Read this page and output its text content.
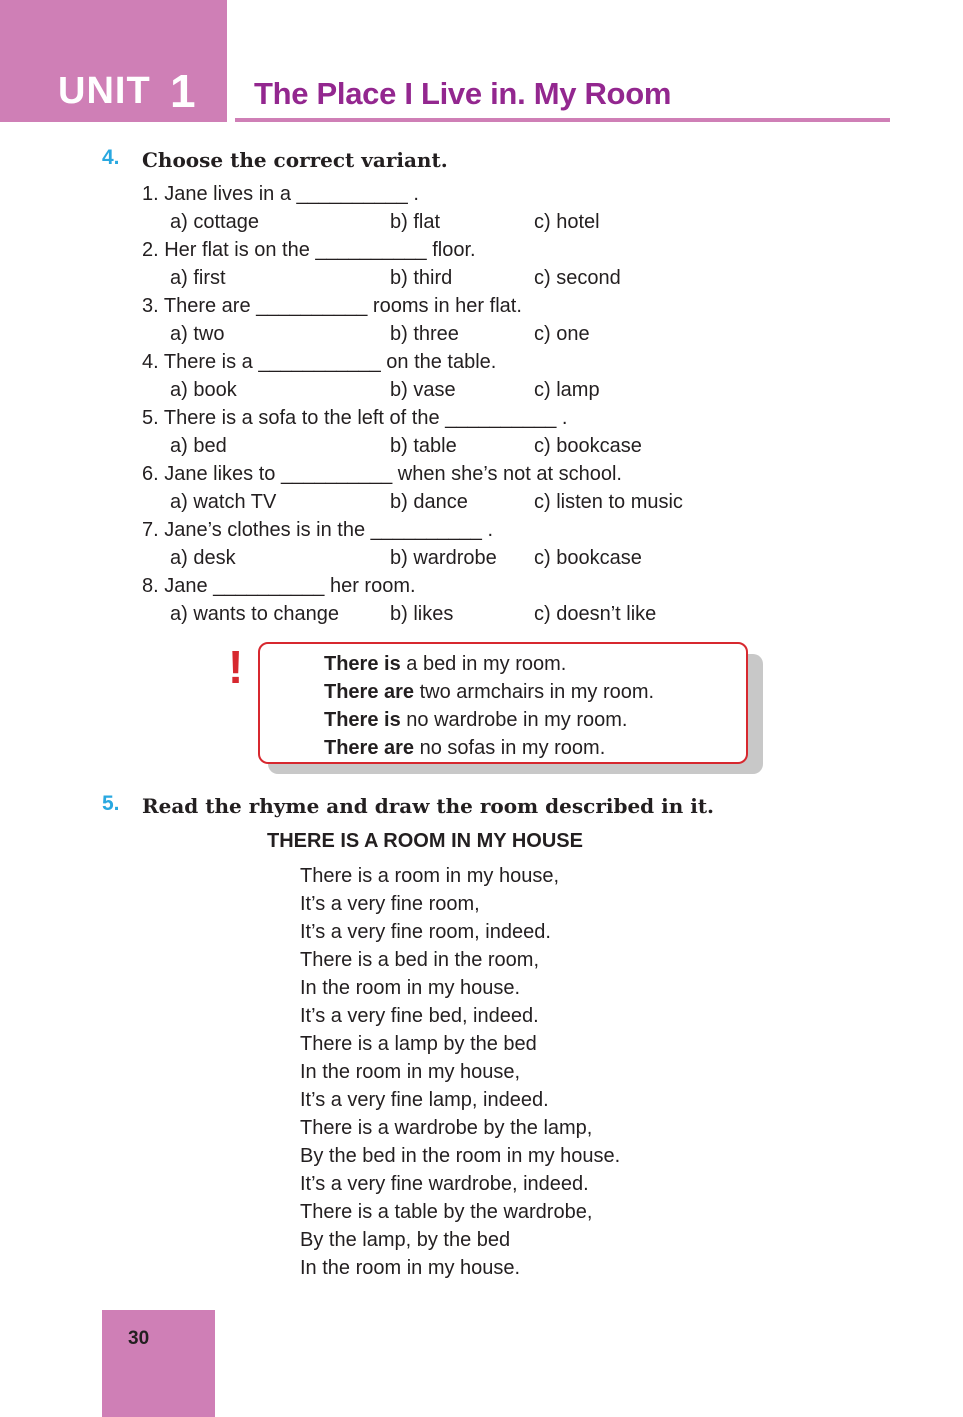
UNIT 1 The Place I Live in. My Room
4. Choose the correct variant.
1. Jane lives in a __________ .
a) cottage	b) flat	c) hotel
2. Her flat is on the __________ floor.
a) first	b) third	c) second
3. There are __________ rooms in her flat.
a) two	b) three	c) one
4. There is a ___________ on the table.
a) book	b) vase	c) lamp
5. There is a sofa to the left of the __________ .
a) bed	b) table	c) bookcase
6. Jane likes to __________ when she’s not at school.
a) watch TV	b) dance	c) listen to music
7. Jane’s clothes is in the __________ .
a) desk	b) wardrobe c) bookcase
8. Jane __________ her room.
a) wants to change	b) likes	c) doesn’t like
!	There is a bed in my room.
There are two armchairs in my room.
There is no wardrobe in my room.
There are no sofas in my room.
5. Read the rhyme and draw the room described in it.
THERE IS A ROOM IN MY HOUSE
There is a room in my house,
It’s a very fine room,
It’s a very fine room, indeed.
There is a bed in the room,
In the room in my house.
It’s a very fine bed, indeed.
There is a lamp by the bed
In the room in my house,
It’s a very fine lamp, indeed.
There is a wardrobe by the lamp,
By the bed in the room in my house.
It’s a very fine wardrobe, indeed.
There is a table by the wardrobe,
By the lamp, by the bed
In the room in my house.
30
